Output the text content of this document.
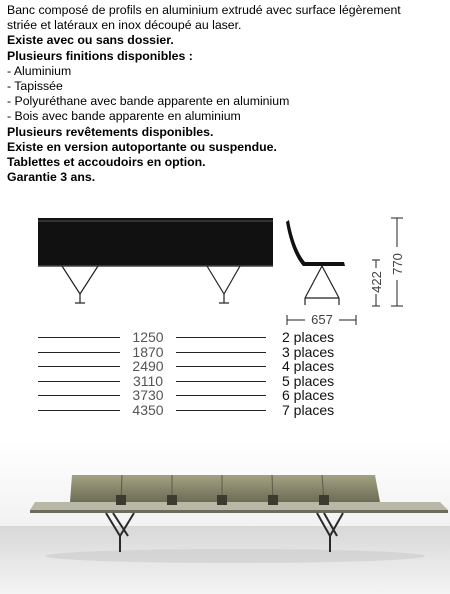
Banc composé de profils en aluminium extrudé avec surface légèrement

striée et latéraux en inox découpé au laser.

Existe avec ou sans dossier.

Plusieurs finitions disponibles :

- Aluminium

- Tapissée

- Polyuréthane avec bande apparente en aluminium

- Bois avec bande apparente en aluminium

Plusieurs revêtements disponibles.

Existe en version autoportante ou suspendue.

Tablettes et accoudoirs en option.

Garantie 3 ans.

657
422
770
1250	2 places
1870	3 places
2490	4 places
3110	5 places
3730	6 places
4350	7 places
